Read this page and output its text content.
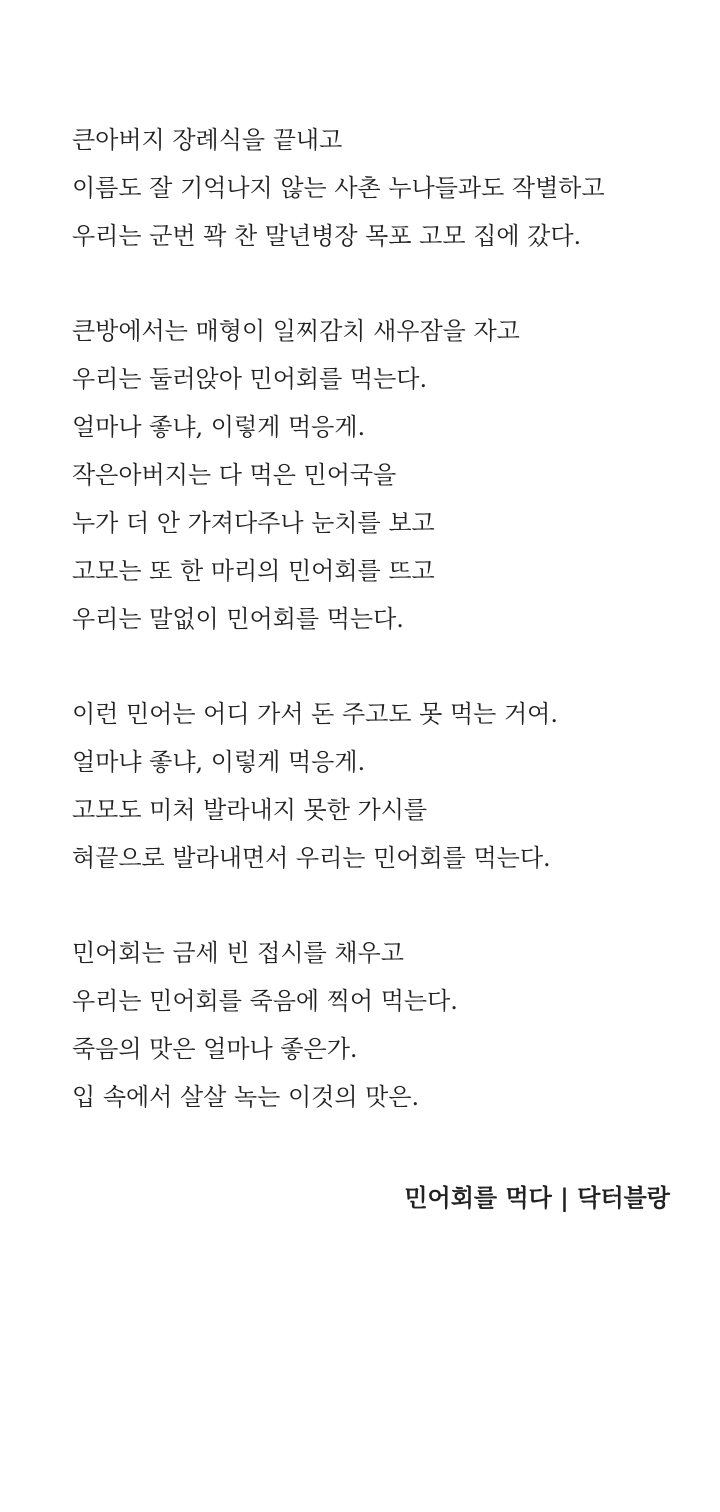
큰아버지 장례식을 끝내고
이름도 잘 기억나지 않는 사촌 누나들과도 작별하고
우리는 군번 꽉 찬 말년병장 목포 고모 집에 갔다.
큰방에서는 매형이 일찌감치 새우잠을 자고
우리는 둘러앉아 민어회를 먹는다.
얼마나 좋냐, 이렇게 먹응게.
작은아버지는 다 먹은 민어국을
누가 더 안 가져다주나 눈치를 보고
고모는 또 한 마리의 민어회를 뜨고
우리는 말없이 민어회를 먹는다.
이런 민어는 어디 가서 돈 주고도 못 먹는 거여.
얼마냐 좋냐, 이렇게 먹응게.
고모도 미처 발라내지 못한 가시를
혀끝으로 발라내면서 우리는 민어회를 먹는다.
민어회는 금세 빈 접시를 채우고
우리는 민어회를 죽음에 찍어 먹는다.
죽음의 맛은 얼마나 좋은가.
입 속에서 살살 녹는 이것의 맛은.
민어회를 먹다 | 닥터블랑
